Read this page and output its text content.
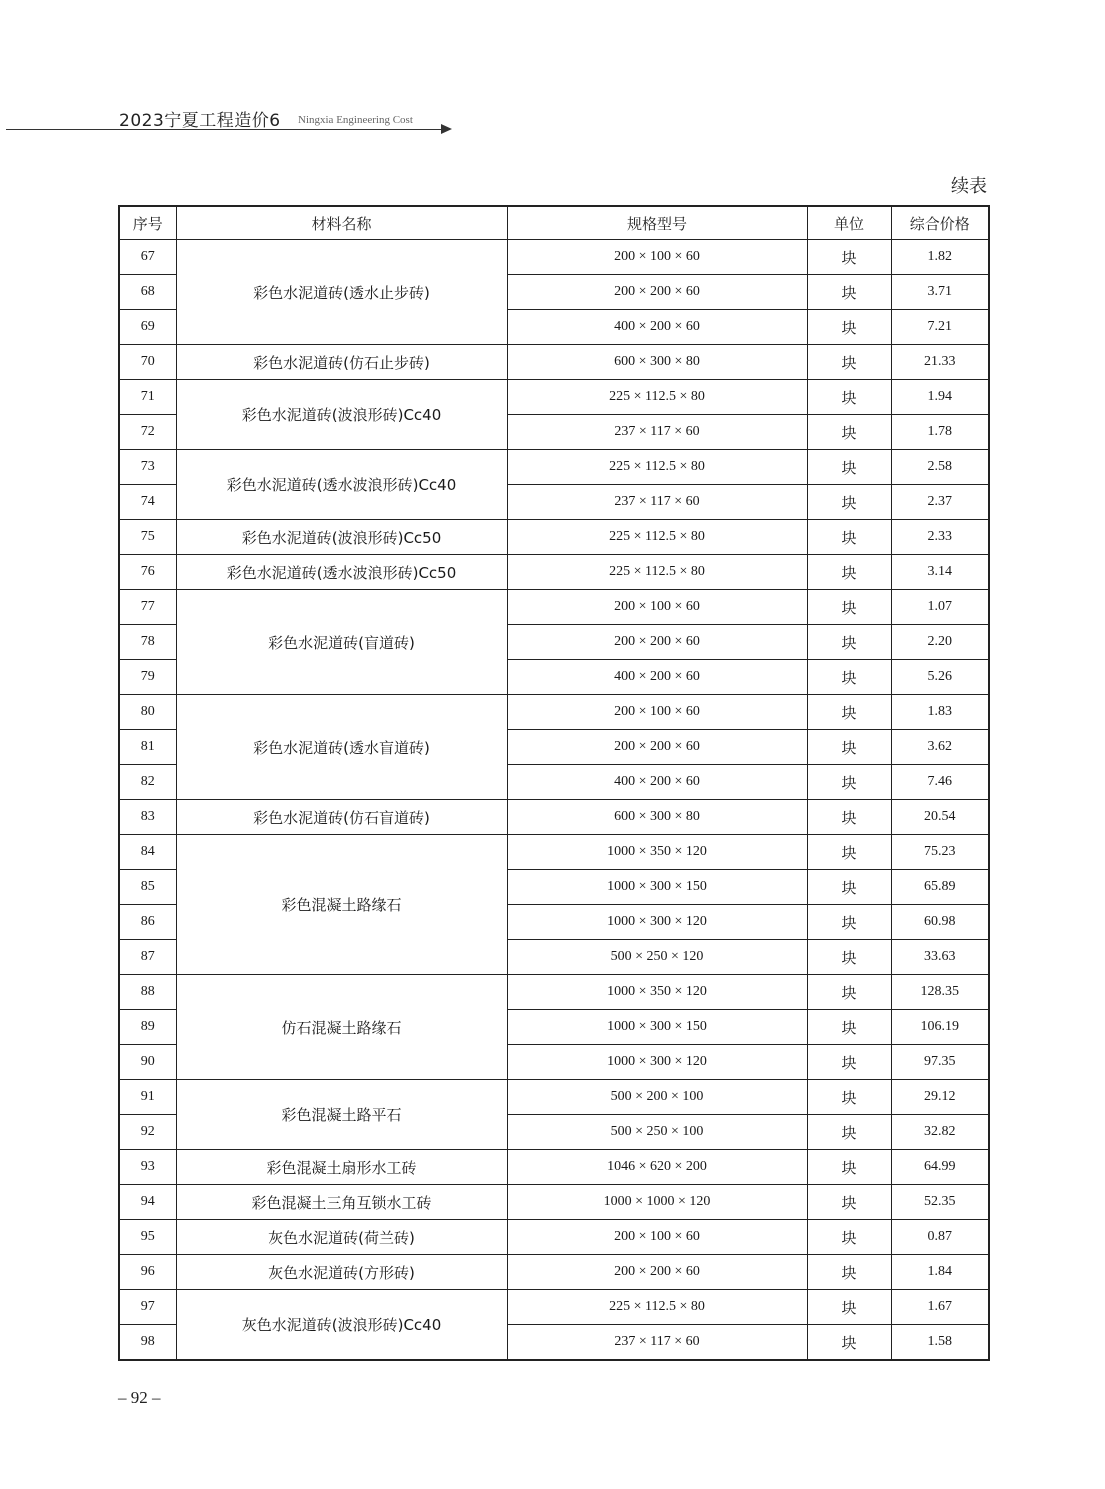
2023宁夏工程造价6 Ningxia Engineering Cost
续表
序号	材料名称	规格型号	单位	综合价格
67	彩色水泥道砖(透水止步砖)	200 × 100 × 60	块	1.82
68		200 × 200 × 60	块	3.71
69		400 × 200 × 60	块	7.21
70	彩色水泥道砖(仿石止步砖)	600 × 300 × 80	块	21.33
71	彩色水泥道砖(波浪形砖)Cc40	225 × 112.5 × 80	块	1.94
72		237 × 117 × 60	块	1.78
73	彩色水泥道砖(透水波浪形砖)Cc40	225 × 112.5 × 80	块	2.58
74		237 × 117 × 60	块	2.37
75	彩色水泥道砖(波浪形砖)Cc50	225 × 112.5 × 80	块	2.33
76	彩色水泥道砖(透水波浪形砖)Cc50	225 × 112.5 × 80	块	3.14
77	彩色水泥道砖(盲道砖)	200 × 100 × 60	块	1.07
78		200 × 200 × 60	块	2.20
79		400 × 200 × 60	块	5.26
80	彩色水泥道砖(透水盲道砖)	200 × 100 × 60	块	1.83
81		200 × 200 × 60	块	3.62
82		400 × 200 × 60	块	7.46
83	彩色水泥道砖(仿石盲道砖)	600 × 300 × 80	块	20.54
84	彩色混凝土路缘石	1000 × 350 × 120	块	75.23
85		1000 × 300 × 150	块	65.89
86		1000 × 300 × 120	块	60.98
87		500 × 250 × 120	块	33.63
88	仿石混凝土路缘石	1000 × 350 × 120	块	128.35
89		1000 × 300 × 150	块	106.19
90		1000 × 300 × 120	块	97.35
91	彩色混凝土路平石	500 × 200 × 100	块	29.12
92		500 × 250 × 100	块	32.82
93	彩色混凝土扇形水工砖	1046 × 620 × 200	块	64.99
94	彩色混凝土三角互锁水工砖	1000 × 1000 × 120	块	52.35
95	灰色水泥道砖(荷兰砖)	200 × 100 × 60	块	0.87
96	灰色水泥道砖(方形砖)	200 × 200 × 60	块	1.84
97	灰色水泥道砖(波浪形砖)Cc40	225 × 112.5 × 80	块	1.67
98		237 × 117 × 60	块	1.58
– 92 –
